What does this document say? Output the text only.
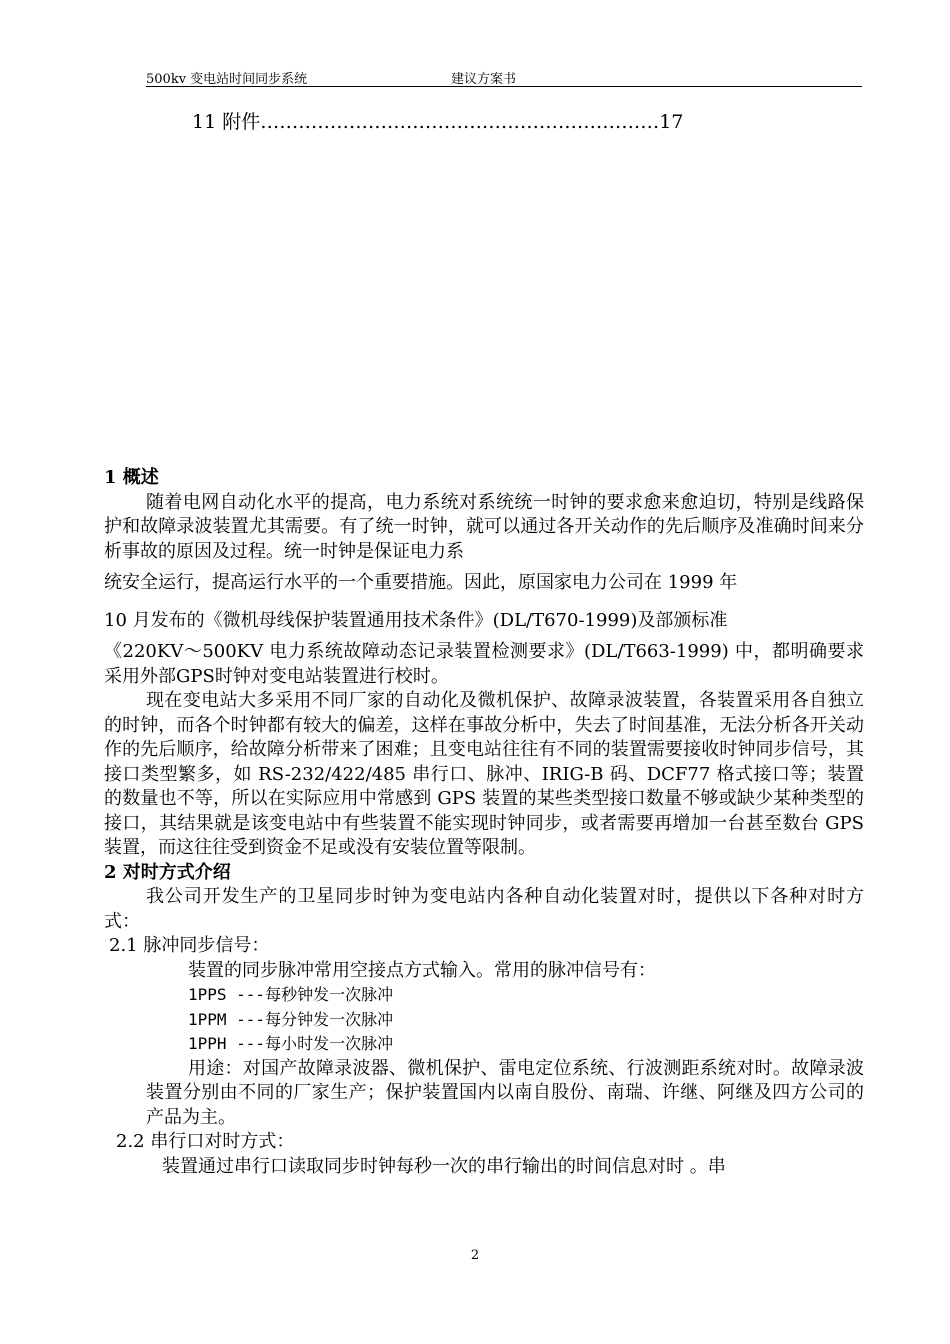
500kv 变电站时间同步系统	建议方案书
11 附件………………………………………………………17

1 概述

随着电网自动化水平的提高，电力系统对系统统一时钟的要求愈来愈迫切，特别是线路保护和故障录波装置尤其需要。有了统一时钟，就可以通过各开关动作的先后顺序及准确时间来分析事故的原因及过程。统一时钟是保证电力系

统安全运行，提高运行水平的一个重要措施。因此，原国家电力公司在 1999 年

10 月发布的《微机母线保护装置通用技术条件》(DL/T670-1999)及部颁标准

《220KV～500KV 电力系统故障动态记录装置检测要求》(DL/T663-1999) 中，都明确要求采用外部GPS时钟对变电站装置进行校时。

现在变电站大多采用不同厂家的自动化及微机保护、故障录波装置，各装置采用各自独立的时钟，而各个时钟都有较大的偏差，这样在事故分析中，失去了时间基准，无法分析各开关动作的先后顺序，给故障分析带来了困难；且变电站往往有不同的装置需要接收时钟同步信号，其接口类型繁多，如 RS-232/422/485 串行口、脉冲、IRIG-B 码、DCF77 格式接口等；装置的数量也不等，所以在实际应用中常感到 GPS 装置的某些类型接口数量不够或缺少某种类型的接口，其结果就是该变电站中有些装置不能实现时钟同步，或者需要再增加一台甚至数台 GPS 装置，而这往往受到资金不足或没有安装位置等限制。

2 对时方式介绍

我公司开发生产的卫星同步时钟为变电站内各种自动化装置对时，提供以下各种对时方式：

2.1 脉冲同步信号：

装置的同步脉冲常用空接点方式输入。常用的脉冲信号有：

1PPS ---每秒钟发一次脉冲

1PPM ---每分钟发一次脉冲

1PPH ---每小时发一次脉冲

用途：对国产故障录波器、微机保护、雷电定位系统、行波测距系统对时。故障录波装置分别由不同的厂家生产；保护装置国内以南自股份、南瑞、许继、阿继及四方公司的产品为主。

2.2 串行口对时方式：

装置通过串行口读取同步时钟每秒一次的串行输出的时间信息对时 。串

2
